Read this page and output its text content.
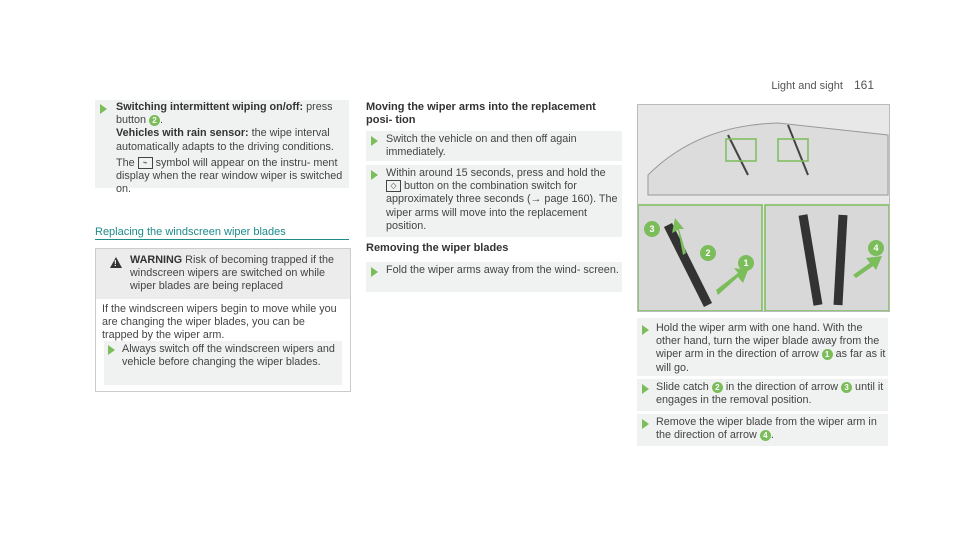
Light and sight 161
Switching intermittent wiping on/off: press button 2 .
Vehicles with rain sensor: the wipe interval automatically adapts to the driving conditions.
The ⌁ symbol will appear on the instru- ment display when the rear window wiper is switched on.
Replacing the windscreen wiper blades
! WARNING Risk of becoming trapped if the windscreen wipers are switched on while wiper blades are being replaced
If the windscreen wipers begin to move while you are changing the wiper blades, you can be trapped by the wiper arm.
Always switch off the windscreen wipers and vehicle before changing the wiper blades.
Moving the wiper arms into the replacement posi- tion
Switch the vehicle on and then off again immediately.
Within around 15 seconds, press and hold the ◇ button on the combination switch for approximately three seconds (→ page 160). The wiper arms will move into the replacement position.
Removing the wiper blades
Fold the wiper arms away from the wind- screen.
3
2
1
4
Hold the wiper arm with one hand. With the other hand, turn the wiper blade away from the wiper arm in the direction of arrow 1 as far as it will go.
Slide catch 2 in the direction of arrow 3 until it engages in the removal position.
Remove the wiper blade from the wiper arm in the direction of arrow 4 .
